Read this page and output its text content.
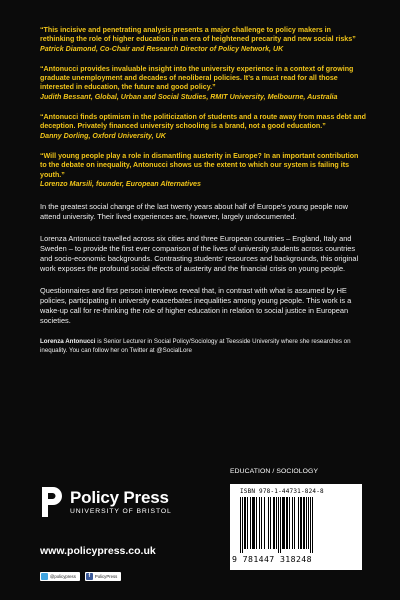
“This incisive and penetrating analysis presents a major challenge to policy makers in rethinking the role of higher education in an era of heightened precarity and new social risks”

Patrick Diamond, Co-Chair and Research Director of Policy Network, UK

“Antonucci provides invaluable insight into the university experience in a context of growing graduate unemployment and decades of neoliberal policies. It’s a must read for all those interested in education, the future and good policy.”

Judith Bessant, Global, Urban and Social Studies, RMIT University, Melbourne, Australia

“Antonucci finds optimism in the politicization of students and a route away from mass debt and deception. Privately financed university schooling is a brand, not a good education.”

Danny Dorling, Oxford University, UK

“Will young people play a role in dismantling austerity in Europe? In an important contribution to the debate on inequality, Antonucci shows us the extent to which our system is failing its youth.”

Lorenzo Marsili, founder, European Alternatives

In the greatest social change of the last twenty years about half of Europe’s young people now attend university. Their lived experiences are, however, largely undocumented.

Lorenza Antonucci travelled across six cities and three European countries – England, Italy and Sweden – to provide the first ever comparison of the lives of university students across countries and socio-economic backgrounds. Contrasting students’ resources and backgrounds, this original work exposes the profound social effects of austerity and the financial crisis on young people.

Questionnaires and first person interviews reveal that, in contrast with what is assumed by HE policies, participating in university exacerbates inequalities among young people. This work is a wake-up call for re-thinking the role of higher education in relation to social justice in European societies.

Lorenza Antonucci is Senior Lecturer in Social Policy/Sociology at Teesside University where she researches on inequality. You can follow her on Twitter at @SocialLore

Policy Press
UNIVERSITY OF BRISTOL
www.policypress.co.uk
@policypress	f	PolicyPress
EDUCATION / SOCIOLOGY
ISBN 978-1-44731-824-8
9 781447 318248
